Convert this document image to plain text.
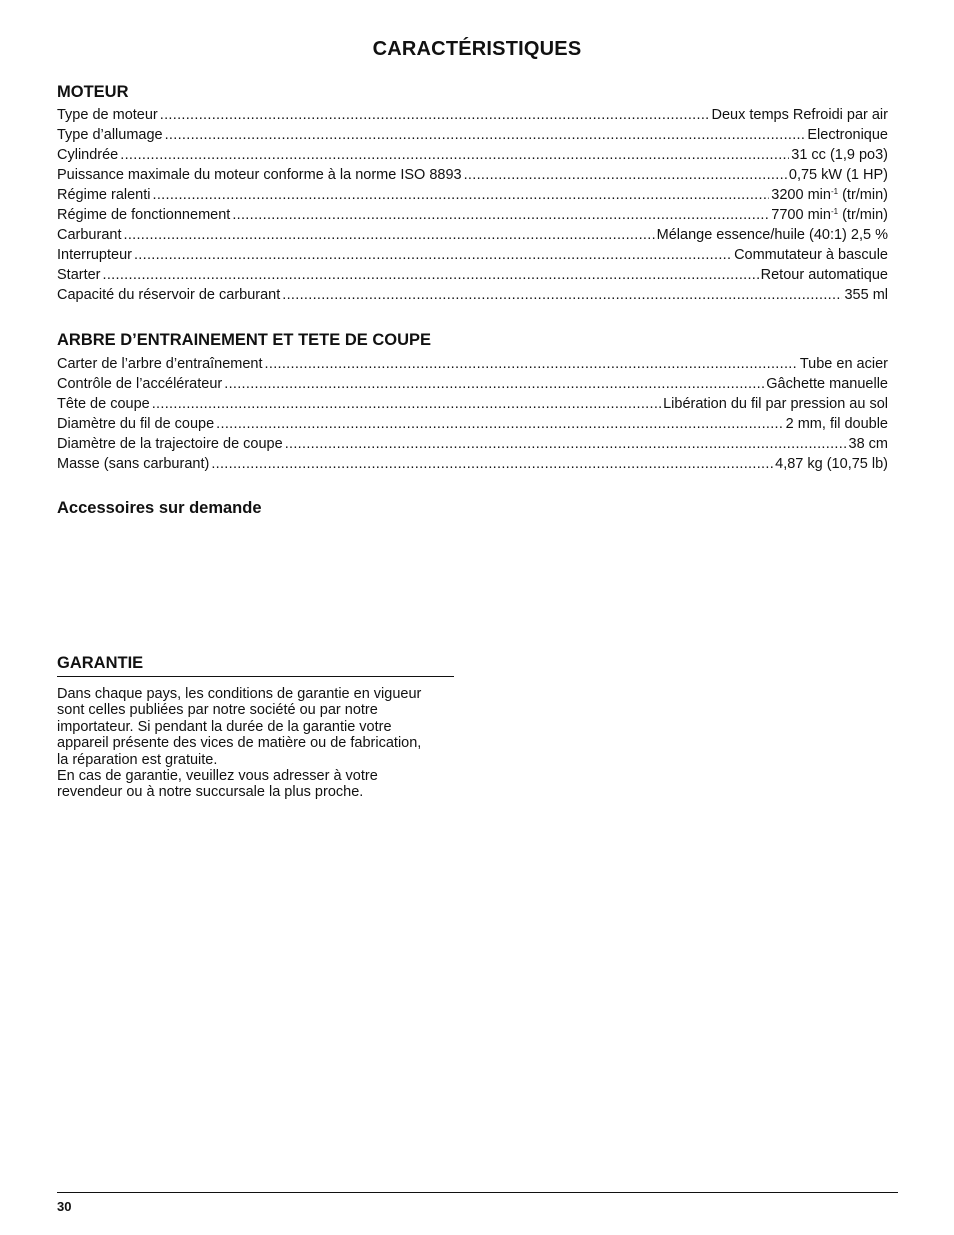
CARACTÉRISTIQUES
MOTEUR
Type de moteur .....	Deux temps Refroidi par air
Type d’allumage .....	Electronique
Cylindrée .....	31 cc (1,9 po3)
Puissance maximale du moteur conforme à la norme ISO 8893 .....	0,75 kW (1 HP)
Régime ralenti .....	3200 $\min^{-1} (tr/\min)$
Régime de fonctionnement .....	7700 $\min^{-1} (tr/\min)$
Carburant .....	Mélange essence/huile (40:1) 2,5 %
Interrupteur .....	Commutateur à bascule
Starter .....	Retour automatique
Capacité du réservoir de carburant .....	355 ml
ARBRE D’ENTRAINEMENT ET TETE DE COUPE
Carter de l’arbre d’entraînement .....	Tube en acier
Contrôle de l’accélérateur .....	Gâchette manuelle
Tête de coupe .....	Libération du fil par pression au sol
Diamètre du fil de coupe .....	2 mm, fil double
Diamètre de la trajectoire de coupe .....	38 cm
Masse (sans carburant) .....	4,87 kg (10,75 lb)
Accessoires sur demande
GARANTIE
Dans chaque pays, les conditions de garantie en vigueur
sont celles publiées par notre société ou par notre
importateur. Si pendant la durée de la garantie votre
appareil présente des vices de matière ou de fabrication,
la réparation est gratuite.
En cas de garantie, veuillez vous adresser à votre
revendeur ou à notre succursale la plus proche.
30
